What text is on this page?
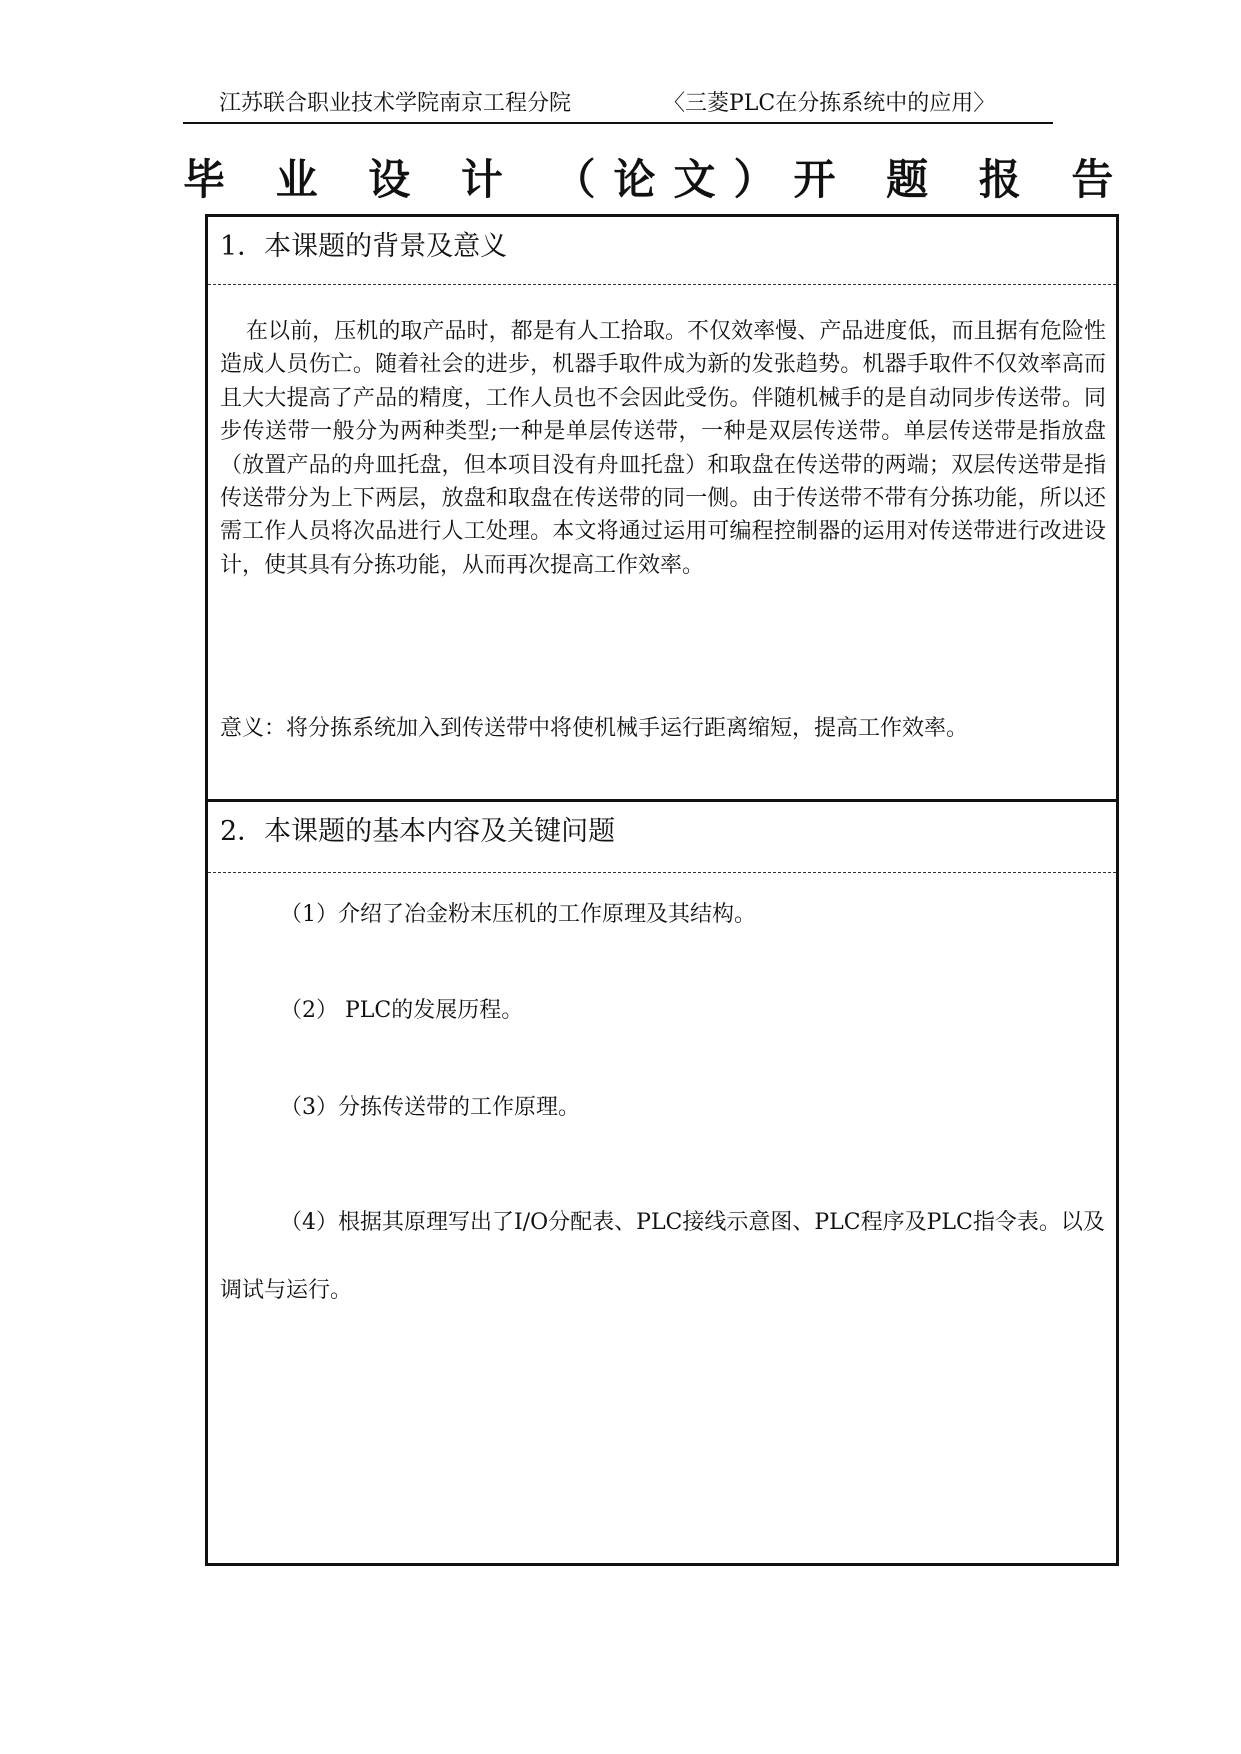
江苏联合职业技术学院南京工程分院	〈三菱PLC在分拣系统中的应用〉
毕 业 设 计 （论文）开 题 报 告
1．本课题的背景及意义
在以前，压机的取产品时，都是有人工拾取。不仅效率慢、产品进度低，而且据有危险性造成人员伤亡。随着社会的进步，机器手取件成为新的发张趋势。机器手取件不仅效率高而且大大提高了产品的精度，工作人员也不会因此受伤。伴随机械手的是自动同步传送带。同步传送带一般分为两种类型;一种是单层传送带，一种是双层传送带。单层传送带是指放盘（放置产品的舟皿托盘，但本项目没有舟皿托盘）和取盘在传送带的两端；双层传送带是指传送带分为上下两层，放盘和取盘在传送带的同一侧。由于传送带不带有分拣功能，所以还需工作人员将次品进行人工处理。本文将通过运用可编程控制器的运用对传送带进行改进设计，使其具有分拣功能，从而再次提高工作效率。
意义：将分拣系统加入到传送带中将使机械手运行距离缩短，提高工作效率。
2．本课题的基本内容及关键问题
（1）介绍了冶金粉末压机的工作原理及其结构。
（2） PLC的发展历程。
（3）分拣传送带的工作原理。
（4）根据其原理写出了I/O分配表、PLC接线示意图、PLC程序及PLC指令表。以及调试与运行。
